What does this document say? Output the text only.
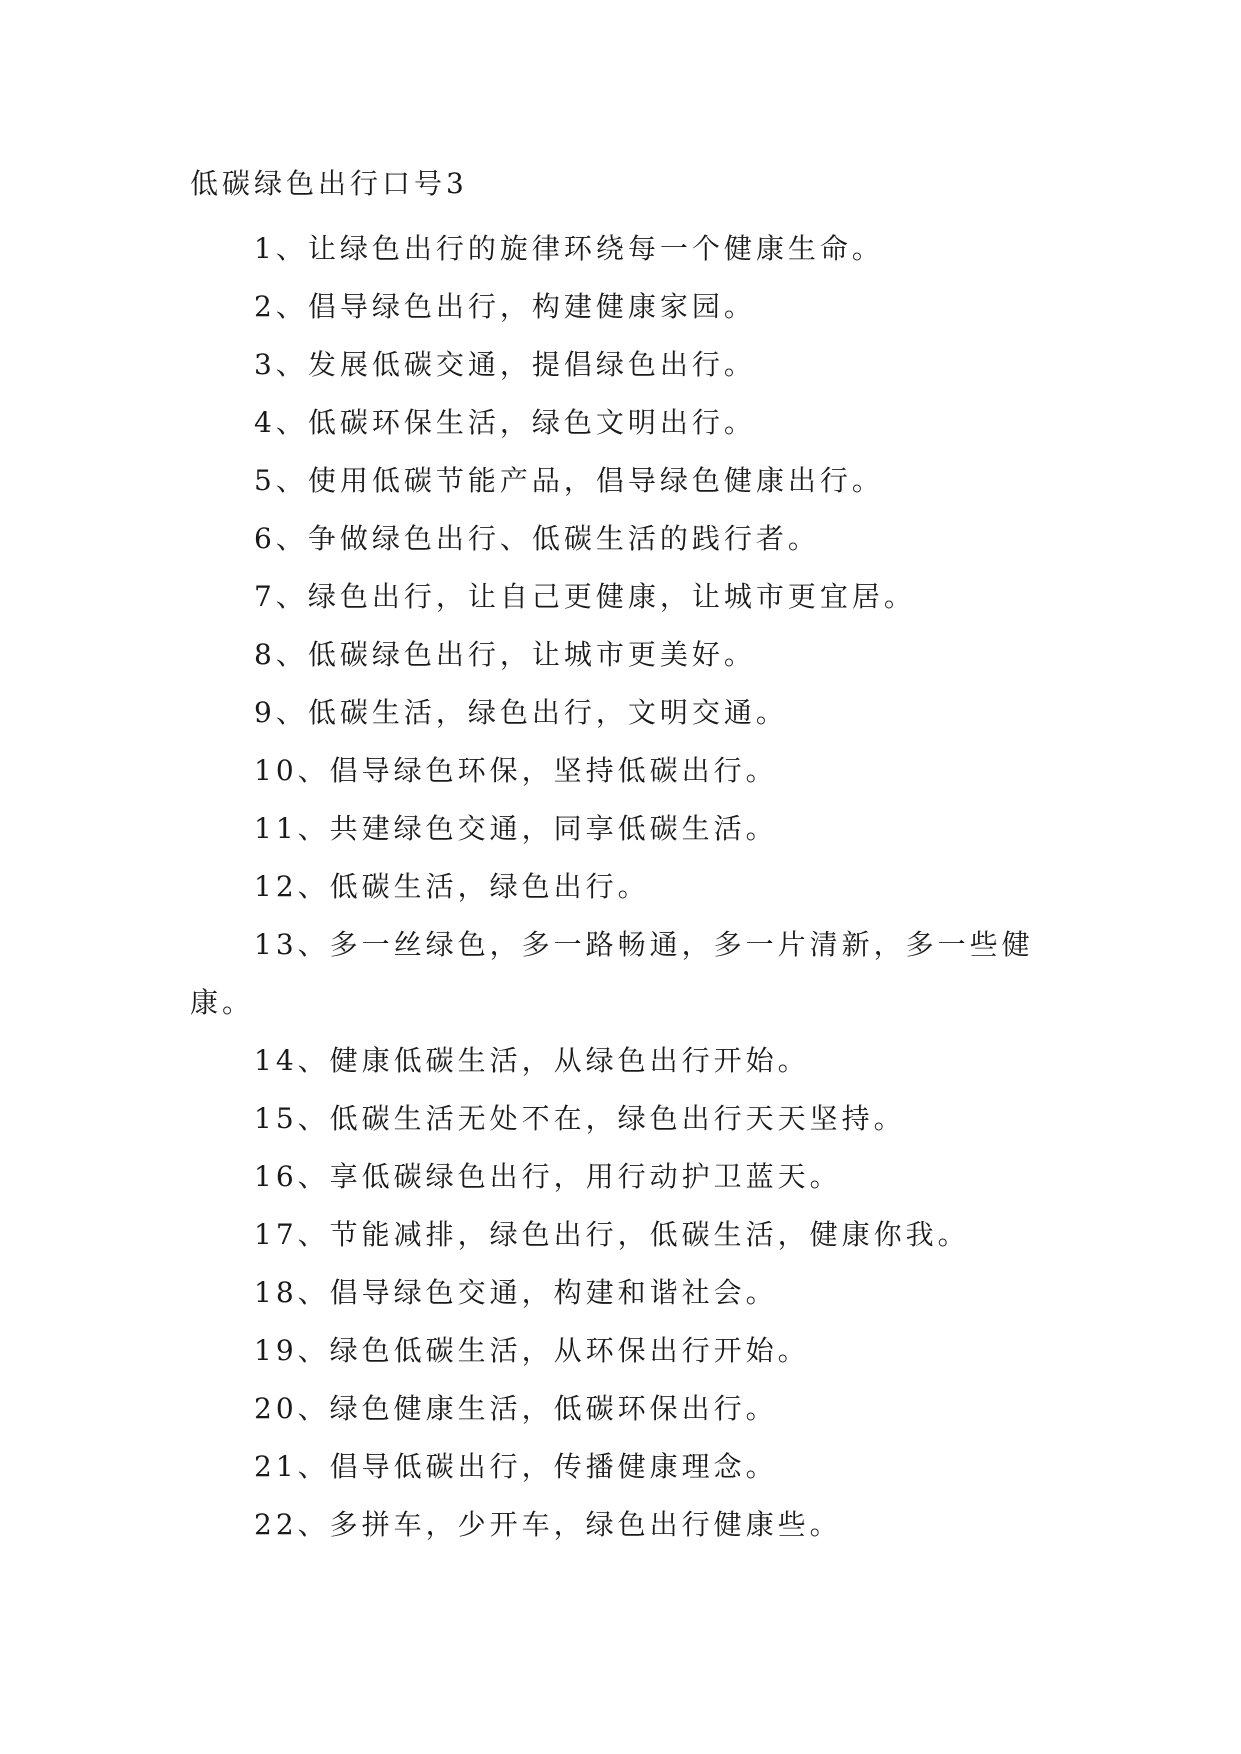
低碳绿色出行口号3
1、让绿色出行的旋律环绕每一个健康生命。
2、倡导绿色出行，构建健康家园。
3、发展低碳交通，提倡绿色出行。
4、低碳环保生活，绿色文明出行。
5、使用低碳节能产品，倡导绿色健康出行。
6、争做绿色出行、低碳生活的践行者。
7、绿色出行，让自己更健康，让城市更宜居。
8、低碳绿色出行，让城市更美好。
9、低碳生活，绿色出行，文明交通。
10、倡导绿色环保，坚持低碳出行。
11、共建绿色交通，同享低碳生活。
12、低碳生活，绿色出行。
13、多一丝绿色，多一路畅通，多一片清新，多一些健康。
14、健康低碳生活，从绿色出行开始。
15、低碳生活无处不在，绿色出行天天坚持。
16、享低碳绿色出行，用行动护卫蓝天。
17、节能减排，绿色出行，低碳生活，健康你我。
18、倡导绿色交通，构建和谐社会。
19、绿色低碳生活，从环保出行开始。
20、绿色健康生活，低碳环保出行。
21、倡导低碳出行，传播健康理念。
22、多拼车，少开车，绿色出行健康些。
